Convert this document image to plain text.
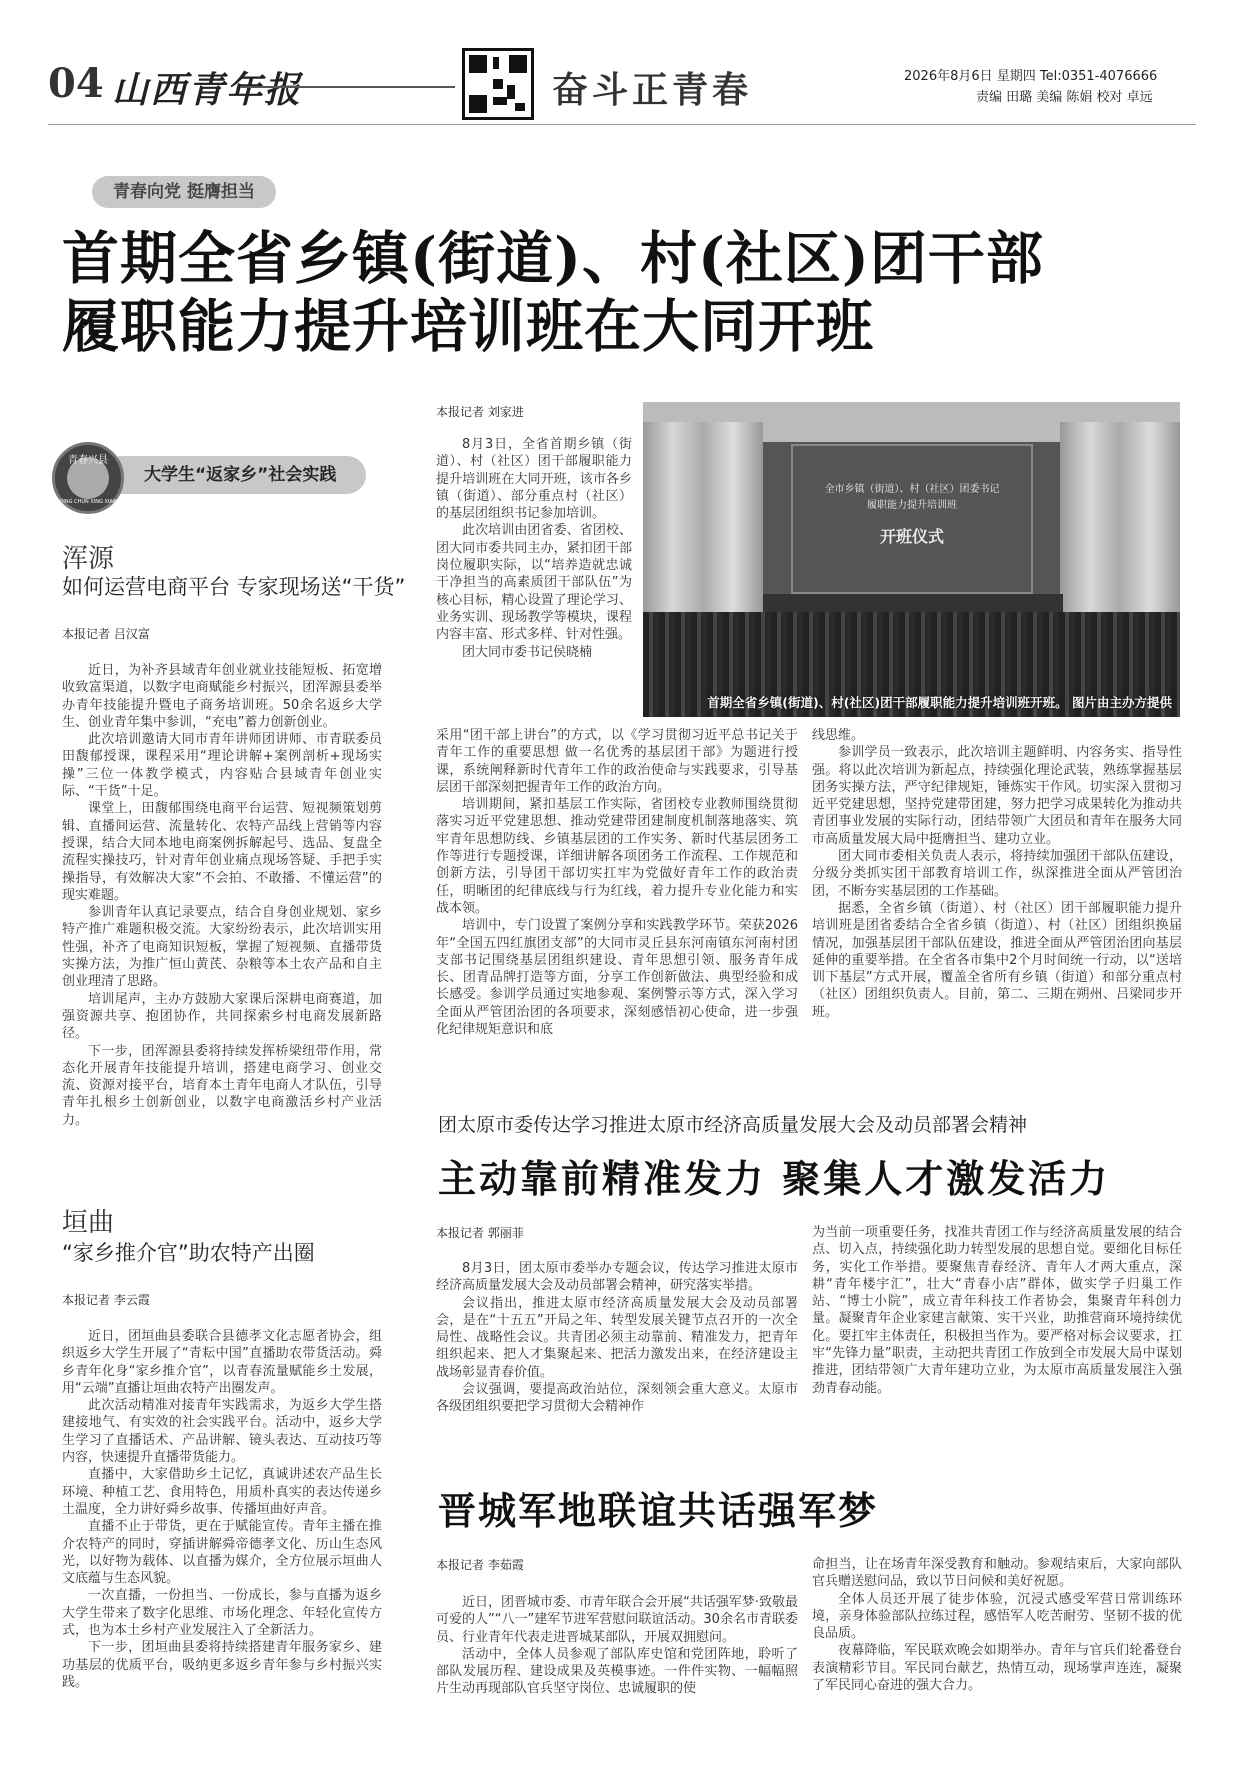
04 山西青年报	奋斗正青春	2026年8月6日 星期四 Tel:0351-4076666
责编 田璐 美编 陈娟 校对 卓远
青春向党 挺膺担当
首期全省乡镇(街道)、村(社区)团干部
履职能力提升培训班在大同开班
大学生“返家乡”社会实践
青春兴县
QING CHUN XING XIAN
浑源
如何运营电商平台 专家现场送“干货”
本报记者 吕汉富

近日，为补齐县域青年创业就业技能短板、拓宽增收致富渠道，以数字电商赋能乡村振兴，团浑源县委举办青年技能提升暨电子商务培训班。50余名返乡大学生、创业青年集中参训，“充电”蓄力创新创业。

此次培训邀请大同市青年讲师团讲师、市青联委员田馥郁授课，课程采用“理论讲解+案例剖析+现场实操”三位一体教学模式，内容贴合县域青年创业实际、“干货”十足。

课堂上，田馥郁围绕电商平台运营、短视频策划剪辑、直播间运营、流量转化、农特产品线上营销等内容授课，结合大同本地电商案例拆解起号、选品、复盘全流程实操技巧，针对青年创业痛点现场答疑、手把手实操指导，有效解决大家“不会拍、不敢播、不懂运营”的现实难题。

参训青年认真记录要点，结合自身创业规划、家乡特产推广难题积极交流。大家纷纷表示，此次培训实用性强，补齐了电商知识短板，掌握了短视频、直播带货实操方法，为推广恒山黄芪、杂粮等本土农产品和自主创业理清了思路。

培训尾声，主办方鼓励大家课后深耕电商赛道，加强资源共享、抱团协作，共同探索乡村电商发展新路径。

下一步，团浑源县委将持续发挥桥梁纽带作用，常态化开展青年技能提升培训，搭建电商学习、创业交流、资源对接平台，培育本土青年电商人才队伍，引导青年扎根乡土创新创业，以数字电商激活乡村产业活力。

垣曲
“家乡推介官”助农特产出圈
本报记者 李云霞

近日，团垣曲县委联合县德孝文化志愿者协会，组织返乡大学生开展了“青耘中国”直播助农带货活动。舜乡青年化身“家乡推介官”，以青春流量赋能乡土发展，用“云端”直播让垣曲农特产出圈发声。

此次活动精准对接青年实践需求，为返乡大学生搭建接地气、有实效的社会实践平台。活动中，返乡大学生学习了直播话术、产品讲解、镜头表达、互动技巧等内容，快速提升直播带货能力。

直播中，大家借助乡土记忆，真诚讲述农产品生长环境、种植工艺、食用特色，用质朴真实的表达传递乡土温度，全力讲好舜乡故事、传播垣曲好声音。

直播不止于带货，更在于赋能宣传。青年主播在推介农特产的同时，穿插讲解舜帝德孝文化、历山生态风光，以好物为载体、以直播为媒介，全方位展示垣曲人文底蕴与生态风貌。

一次直播，一份担当、一份成长，参与直播为返乡大学生带来了数字化思维、市场化理念、年轻化宣传方式，也为本土乡村产业发展注入了全新活力。

下一步，团垣曲县委将持续搭建青年服务家乡、建功基层的优质平台，吸纳更多返乡青年参与乡村振兴实践。

本报记者 刘家进

8月3日，全省首期乡镇（街道）、村（社区）团干部履职能力提升培训班在大同开班，该市各乡镇（街道）、部分重点村（社区）的基层团组织书记参加培训。

此次培训由团省委、省团校、团大同市委共同主办，紧扣团干部岗位履职实际，以“培养造就忠诚干净担当的高素质团干部队伍”为核心目标，精心设置了理论学习、业务实训、现场教学等模块，课程内容丰富、形式多样、针对性强。

团大同市委书记侯晓楠

采用“团干部上讲台”的方式，以《学习贯彻习近平总书记关于青年工作的重要思想 做一名优秀的基层团干部》为题进行授课，系统阐释新时代青年工作的政治使命与实践要求，引导基层团干部深刻把握青年工作的政治方向。

培训期间，紧扣基层工作实际，省团校专业教师围绕贯彻落实习近平党建思想、推动党建带团建制度机制落地落实、筑牢青年思想防线、乡镇基层团的工作实务、新时代基层团务工作等进行专题授课，详细讲解各项团务工作流程、工作规范和创新方法，引导团干部切实扛牢为党做好青年工作的政治责任，明晰团的纪律底线与行为红线，着力提升专业化能力和实战本领。

培训中，专门设置了案例分享和实践教学环节。荣获2026年“全国五四红旗团支部”的大同市灵丘县东河南镇东河南村团支部书记围绕基层团组织建设、青年思想引领、服务青年成长、团青品牌打造等方面，分享工作创新做法、典型经验和成长感受。参训学员通过实地参观、案例警示等方式，深入学习全面从严管团治团的各项要求，深刻感悟初心使命，进一步强化纪律规矩意识和底

线思维。

参训学员一致表示，此次培训主题鲜明、内容务实、指导性强。将以此次培训为新起点，持续强化理论武装，熟练掌握基层团务实操方法，严守纪律规矩，锤炼实干作风。切实深入贯彻习近平党建思想，坚持党建带团建，努力把学习成果转化为推动共青团事业发展的实际行动，团结带领广大团员和青年在服务大同市高质量发展大局中挺膺担当、建功立业。

团大同市委相关负责人表示，将持续加强团干部队伍建设，分级分类抓实团干部教育培训工作，纵深推进全面从严管团治团，不断夯实基层团的工作基础。

据悉，全省乡镇（街道）、村（社区）团干部履职能力提升培训班是团省委结合全省乡镇（街道）、村（社区）团组织换届情况，加强基层团干部队伍建设，推进全面从严管团治团向基层延伸的重要举措。在全省各市集中2个月时间统一行动，以“送培训下基层”方式开展，覆盖全省所有乡镇（街道）和部分重点村（社区）团组织负责人。目前，第二、三期在朔州、吕梁同步开班。

全市乡镇（街道）、村（社区）团委书记
履职能力提升培训班
开班仪式
首期全省乡镇(街道)、村(社区)团干部履职能力提升培训班开班。 图片由主办方提供
团太原市委传达学习推进太原市经济高质量发展大会及动员部署会精神
主动靠前精准发力 聚集人才激发活力
本报记者 郭丽菲

8月3日，团太原市委举办专题会议，传达学习推进太原市经济高质量发展大会及动员部署会精神，研究落实举措。

会议指出，推进太原市经济高质量发展大会及动员部署会，是在“十五五”开局之年、转型发展关键节点召开的一次全局性、战略性会议。共青团必须主动靠前、精准发力，把青年组织起来、把人才集聚起来、把活力激发出来，在经济建设主战场彰显青春价值。

会议强调，要提高政治站位，深刻领会重大意义。太原市各级团组织要把学习贯彻大会精神作

为当前一项重要任务，找准共青团工作与经济高质量发展的结合点、切入点，持续强化助力转型发展的思想自觉。要细化目标任务，实化工作举措。要聚焦青春经济、青年人才两大重点，深耕“青年楼宇汇”，壮大“青春小店”群体，做实学子归巢工作站、“博士小院”，成立青年科技工作者协会，集聚青年科创力量。凝聚青年企业家建言献策、实干兴业，助推营商环境持续优化。要扛牢主体责任，积极担当作为。要严格对标会议要求，扛牢“先锋力量”职责，主动把共青团工作放到全市发展大局中谋划推进，团结带领广大青年建功立业，为太原市高质量发展注入强劲青春动能。

晋城军地联谊共话强军梦
本报记者 李茹霞

近日，团晋城市委、市青年联合会开展“共话强军梦·致敬最可爱的人”“八一”建军节进军营慰问联谊活动。30余名市青联委员、行业青年代表走进晋城某部队，开展双拥慰问。

活动中，全体人员参观了部队库史馆和党团阵地，聆听了部队发展历程、建设成果及英模事迹。一件件实物、一幅幅照片生动再现部队官兵坚守岗位、忠诚履职的使

命担当，让在场青年深受教育和触动。参观结束后，大家向部队官兵赠送慰问品，致以节日问候和美好祝愿。

全体人员还开展了徒步体验，沉浸式感受军营日常训练环境，亲身体验部队拉练过程，感悟军人吃苦耐劳、坚韧不拔的优良品质。

夜幕降临，军民联欢晚会如期举办。青年与官兵们轮番登台表演精彩节目。军民同台献艺，热情互动，现场掌声连连，凝聚了军民同心奋进的强大合力。
